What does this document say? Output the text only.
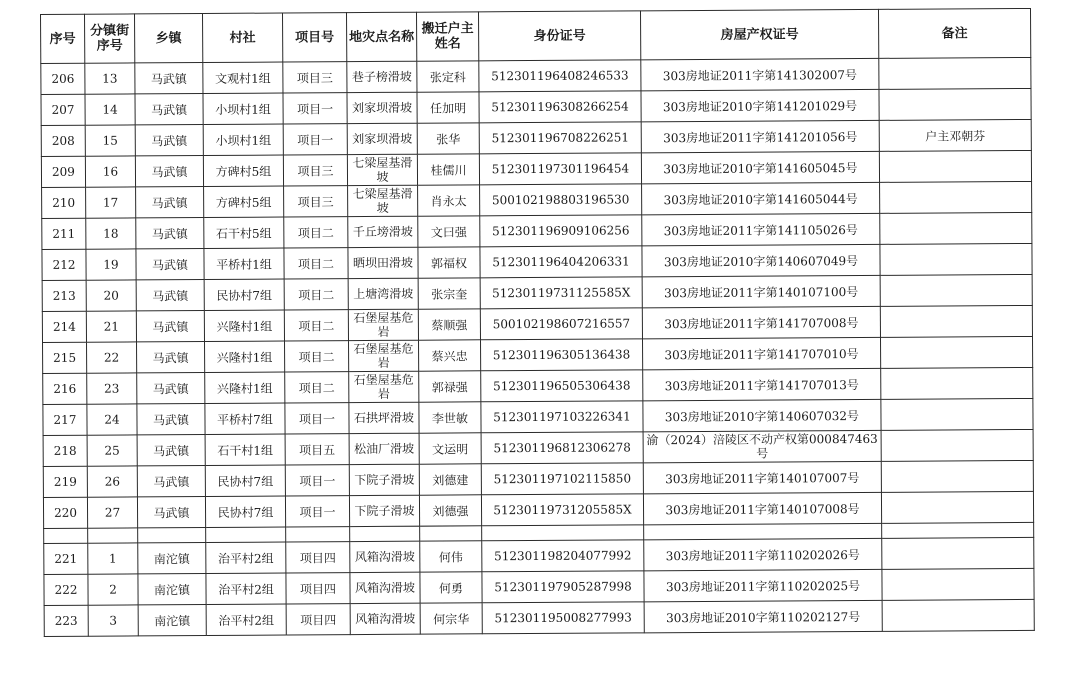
序号	分镇街序号	乡镇	村社	项目号	地灾点名称	搬迁户主姓名	身份证号	房屋产权证号	备注
206	13	马武镇	文观村1组	项目三	巷子榜滑坡	张定科	512301196408246533	303房地证2011字第141302007号	
207	14	马武镇	小坝村1组	项目一	刘家坝滑坡	任加明	512301196308266254	303房地证2010字第141201029号	
208	15	马武镇	小坝村1组	项目一	刘家坝滑坡	张华	512301196708226251	303房地证2011字第141201056号	户主邓朝芬
209	16	马武镇	方碑村5组	项目三	七梁屋基滑坡	桂儒川	512301197301196454	303房地证2010字第141605045号	
210	17	马武镇	方碑村5组	项目三	七梁屋基滑坡	肖永太	500102198803196530	303房地证2010字第141605044号	
211	18	马武镇	石干村5组	项目二	千丘塝滑坡	文曰强	512301196909106256	303房地证2011字第141105026号	
212	19	马武镇	平桥村1组	项目二	晒坝田滑坡	郭福权	512301196404206331	303房地证2010字第140607049号	
213	20	马武镇	民协村7组	项目二	上塘湾滑坡	张宗奎	51230119731125585X	303房地证2011字第140107100号	
214	21	马武镇	兴隆村1组	项目二	石堡屋基危岩	蔡顺强	500102198607216557	303房地证2011字第141707008号	
215	22	马武镇	兴隆村1组	项目二	石堡屋基危岩	蔡兴忠	512301196305136438	303房地证2011字第141707010号	
216	23	马武镇	兴隆村1组	项目二	石堡屋基危岩	郭禄强	512301196505306438	303房地证2011字第141707013号	
217	24	马武镇	平桥村7组	项目一	石拱坪滑坡	李世敏	512301197103226341	303房地证2010字第140607032号	
218	25	马武镇	石干村1组	项目五	松油厂滑坡	文运明	512301196812306278	渝（2024）涪陵区不动产权第000847463号	
219	26	马武镇	民协村7组	项目一	下院子滑坡	刘德建	512301197102115850	303房地证2011字第140107007号	
220	27	马武镇	民协村7组	项目一	下院子滑坡	刘德强	51230119731205585X	303房地证2011字第140107008号	

221	1	南沱镇	治平村2组	项目四	风箱沟滑坡	何伟	512301198204077992	303房地证2011字第110202026号	
222	2	南沱镇	治平村2组	项目四	风箱沟滑坡	何勇	512301197905287998	303房地证2011字第110202025号	
223	3	南沱镇	治平村2组	项目四	风箱沟滑坡	何宗华	512301195008277993	303房地证2010字第110202127号	
